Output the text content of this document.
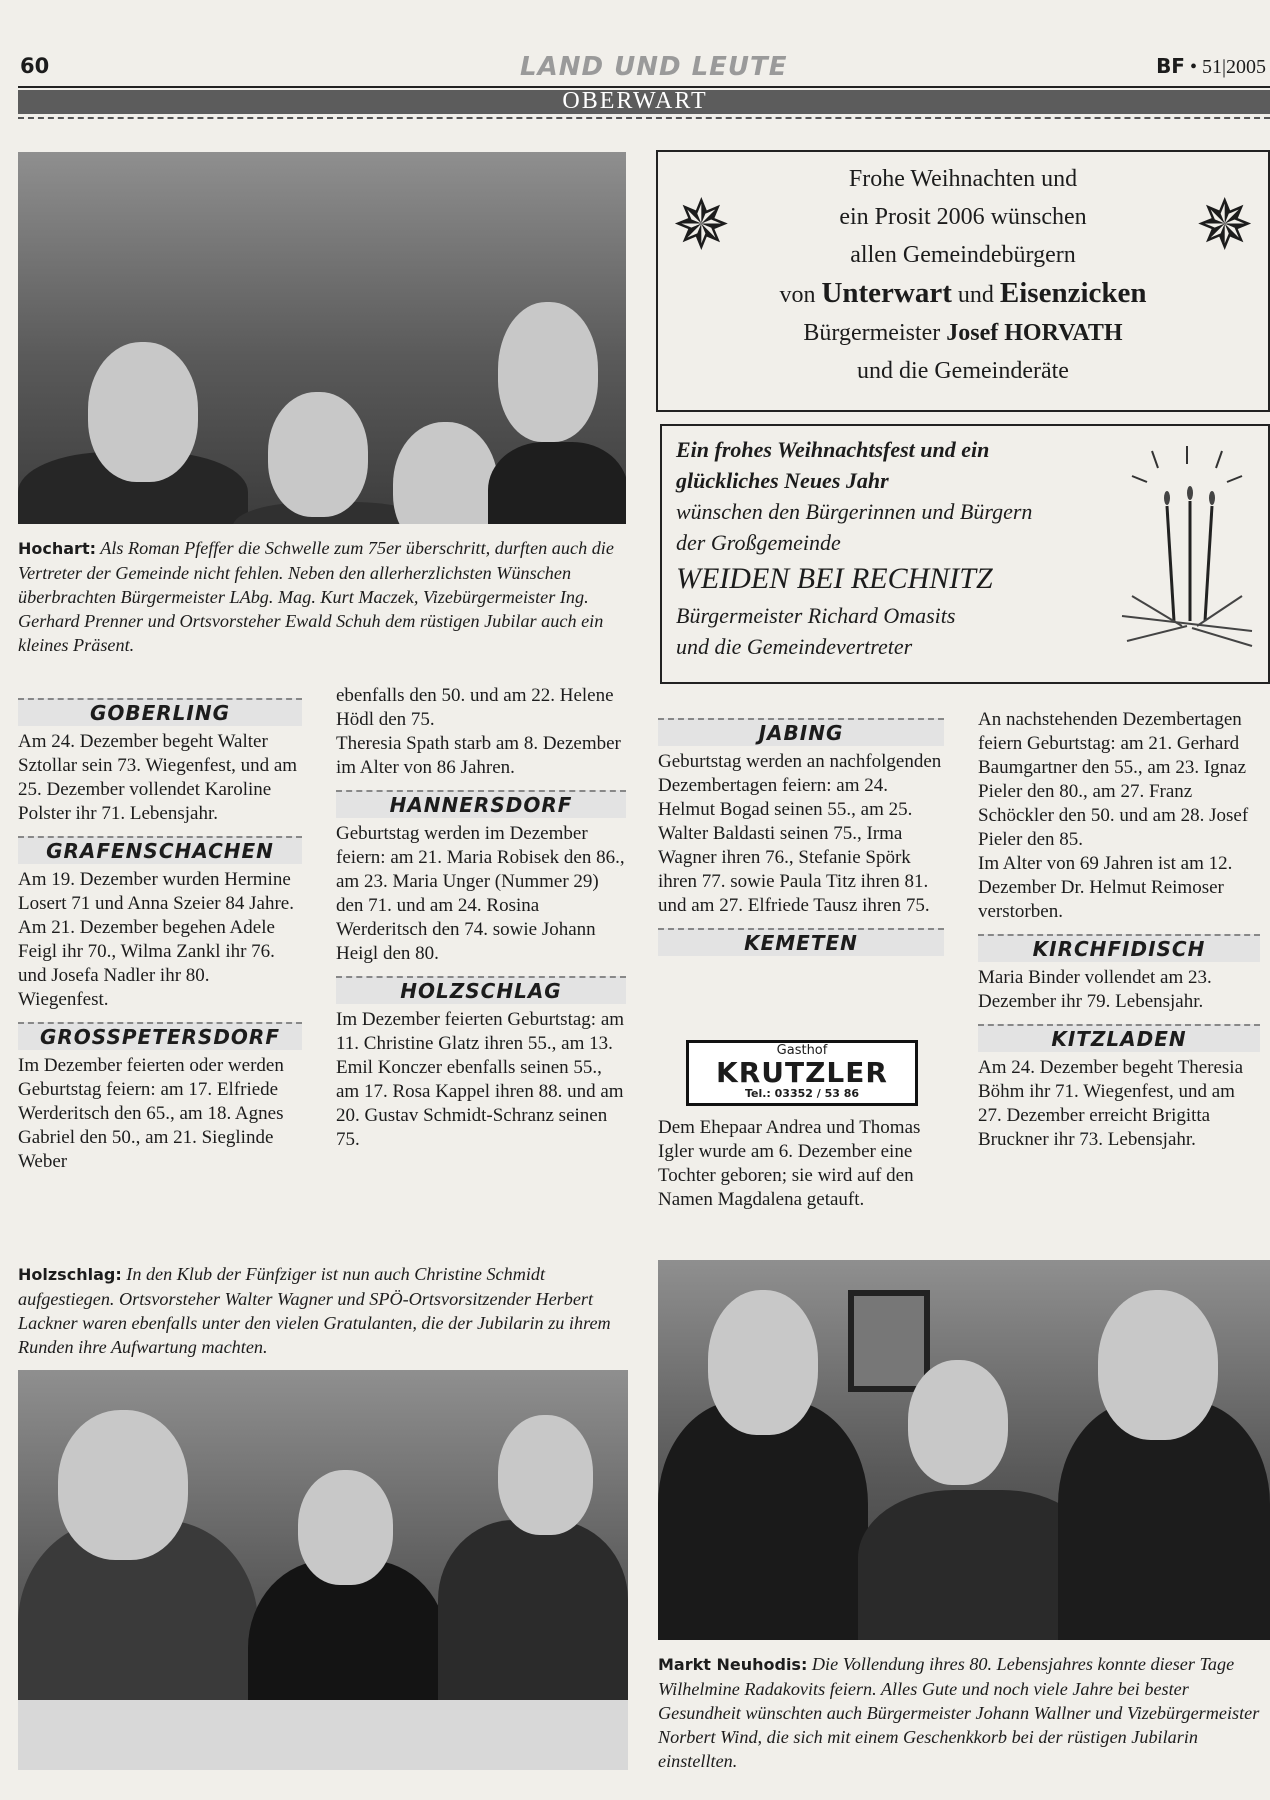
60	LAND UND LEUTE	BF • 51|2005
OBERWART
Hochart: Als Roman Pfeffer die Schwelle zum 75er überschritt, durften auch die Vertreter der Gemeinde nicht fehlen. Neben den allerherzlichsten Wünschen überbrachten Bürgermeister LAbg. Mag. Kurt Maczek, Vizebürgermeister Ing. Gerhard Prenner und Ortsvorsteher Ewald Schuh dem rüstigen Jubilar auch ein kleines Präsent.
✵	✵
Frohe Weihnachten und
ein Prosit 2006 wünschen
allen Gemeindebürgern
von Unterwart und Eisenzicken
Bürgermeister Josef HORVATH
und die Gemeinderäte
Ein frohes Weihnachtsfest und ein
glückliches Neues Jahr
wünschen den Bürgerinnen und Bürgern
der Großgemeinde
WEIDEN BEI RECHNITZ
Bürgermeister Richard Omasits
und die Gemeindevertreter
GOBERLING

Am 24. Dezember begeht Walter Sztollar sein 73. Wiegenfest, und am 25. Dezember vollendet Karoline Polster ihr 71. Lebensjahr.

GRAFENSCHACHEN

Am 19. Dezember wurden Hermine Losert 71 und Anna Szeier 84 Jahre.

Am 21. Dezember begehen Adele Feigl ihr 70., Wilma Zankl ihr 76. und Josefa Nadler ihr 80. Wiegenfest.

GROSSPETERSDORF

Im Dezember feierten oder werden Geburtstag feiern: am 17. Elfriede Werderitsch den 65., am 18. Agnes Gabriel den 50., am 21. Sieglinde Weber

ebenfalls den 50. und am 22. Helene Hödl den 75.

Theresia Spath starb am 8. Dezember im Alter von 86 Jahren.

HANNERSDORF

Geburtstag werden im Dezember feiern: am 21. Maria Robisek den 86., am 23. Maria Unger (Nummer 29) den 71. und am 24. Rosina Werderitsch den 74. sowie Johann Heigl den 80.

HOLZSCHLAG

Im Dezember feierten Geburtstag: am 11. Christine Glatz ihren 55., am 13. Emil Konczer ebenfalls seinen 55., am 17. Rosa Kappel ihren 88. und am 20. Gustav Schmidt-Schranz seinen 75.

JABING

Geburtstag werden an nachfolgenden Dezembertagen feiern: am 24. Helmut Bogad seinen 55., am 25. Walter Baldasti seinen 75., Irma Wagner ihren 76., Stefanie Spörk ihren 77. sowie Paula Titz ihren 81. und am 27. Elfriede Tausz ihren 75.

KEMETEN
Gasthof
KRUTZLER
Tel.: 03352 / 53 86

Dem Ehepaar Andrea und Thomas Igler wurde am 6. Dezember eine Tochter geboren; sie wird auf den Namen Magdalena getauft.

An nachstehenden Dezembertagen feiern Geburtstag: am 21. Gerhard Baumgartner den 55., am 23. Ignaz Pieler den 80., am 27. Franz Schöckler den 50. und am 28. Josef Pieler den 85.

Im Alter von 69 Jahren ist am 12. Dezember Dr. Helmut Reimoser verstorben.

KIRCHFIDISCH

Maria Binder vollendet am 23. Dezember ihr 79. Lebensjahr.

KITZLADEN

Am 24. Dezember begeht Theresia Böhm ihr 71. Wiegenfest, und am 27. Dezember erreicht Brigitta Bruckner ihr 73. Lebensjahr.

Holzschlag: In den Klub der Fünfziger ist nun auch Christine Schmidt aufgestiegen. Ortsvorsteher Walter Wagner und SPÖ-Ortsvorsitzender Herbert Lackner waren ebenfalls unter den vielen Gratulanten, die der Jubilarin zu ihrem Runden ihre Aufwartung machten.
Markt Neuhodis: Die Vollendung ihres 80. Lebensjahres konnte dieser Tage Wilhelmine Radakovits feiern. Alles Gute und noch viele Jahre bei bester Gesundheit wünschten auch Bürgermeister Johann Wallner und Vizebürgermeister Norbert Wind, die sich mit einem Geschenkkorb bei der rüstigen Jubilarin einstellten.
